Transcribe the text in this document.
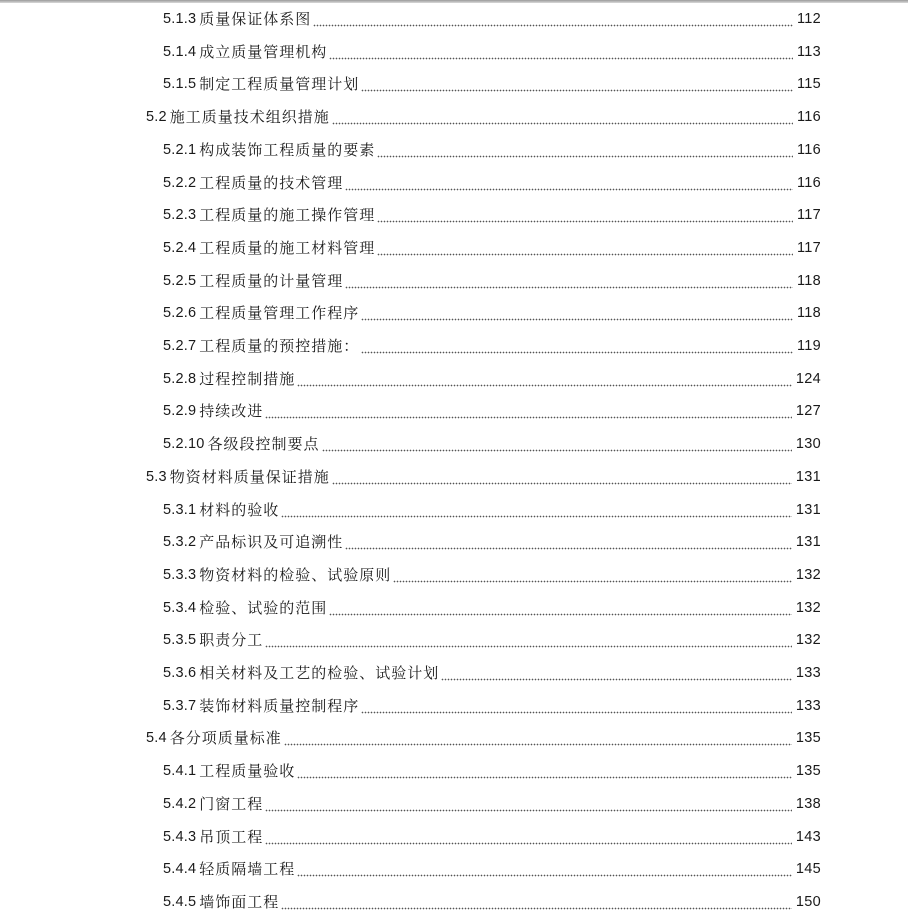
5.1.3 质量保证体系图	112
5.1.4 成立质量管理机构	113
5.1.5 制定工程质量管理计划	115
5.2 施工质量技术组织措施	116
5.2.1 构成装饰工程质量的要素	116
5.2.2 工程质量的技术管理	116
5.2.3 工程质量的施工操作管理	117
5.2.4 工程质量的施工材料管理	117
5.2.5 工程质量的计量管理	118
5.2.6 工程质量管理工作程序	118
5.2.7 工程质量的预控措施：	119
5.2.8 过程控制措施	124
5.2.9 持续改进	127
5.2.10 各级段控制要点	130
5.3 物资材料质量保证措施	131
5.3.1 材料的验收	131
5.3.2 产品标识及可追溯性	131
5.3.3 物资材料的检验、试验原则	132
5.3.4 检验、试验的范围	132
5.3.5 职责分工	132
5.3.6 相关材料及工艺的检验、试验计划	133
5.3.7 装饰材料质量控制程序	133
5.4 各分项质量标准	135
5.4.1 工程质量验收	135
5.4.2 门窗工程	138
5.4.3 吊顶工程	143
5.4.4 轻质隔墙工程	145
5.4.5 墙饰面工程	150
